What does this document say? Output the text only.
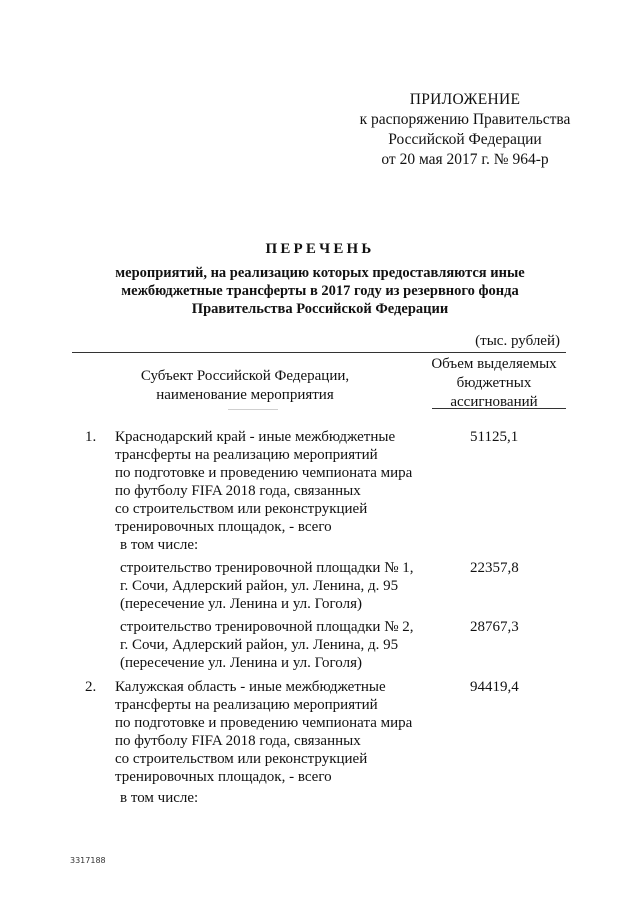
ПРИЛОЖЕНИЕ
к распоряжению Правительства
Российской Федерации
от 20 мая 2017 г. № 964-р
ПЕРЕЧЕНЬ
мероприятий, на реализацию которых предоставляются иные
межбюджетные трансферты в 2017 году из резервного фонда
Правительства Российской Федерации
(тыс. рублей)
Субъект Российской Федерации,
наименование мероприятия
Объем выделяемых
бюджетных
ассигнований
1. Краснодарский край - иные межбюджетные
трансферты на реализацию мероприятий
по подготовке и проведению чемпионата мира
по футболу FIFA 2018 года, связанных
со строительством или реконструкцией
тренировочных площадок, - всего
51125,1
в том числе:
строительство тренировочной площадки № 1,
г. Сочи, Адлерский район, ул. Ленина, д. 95
(пересечение ул. Ленина и ул. Гоголя)
22357,8
строительство тренировочной площадки № 2,
г. Сочи, Адлерский район, ул. Ленина, д. 95
(пересечение ул. Ленина и ул. Гоголя)
28767,3
2. Калужская область - иные межбюджетные
трансферты на реализацию мероприятий
по подготовке и проведению чемпионата мира
по футболу FIFA 2018 года, связанных
со строительством или реконструкцией
тренировочных площадок, - всего
94419,4
в том числе:
3317188
